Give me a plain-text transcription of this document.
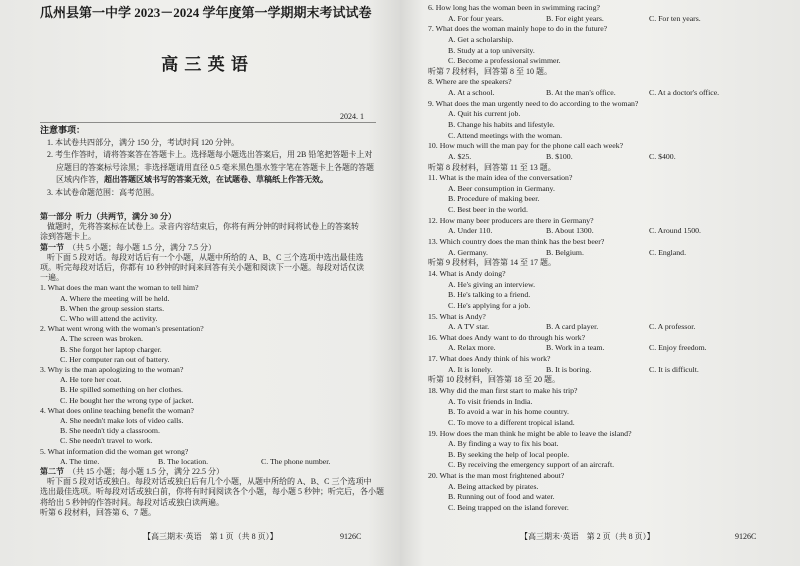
瓜州县第一中学 2023－2024 学年度第一学期期末考试试卷
高 三 英 语
2024. 1
注意事项：
1. 本试卷共四部分，满分 150 分，考试时间 120 分钟。
2. 考生作答时，请将答案答在答题卡上。选择题每小题选出答案后，用 2B 铅笔把答题卡上对
应题目的答案标号涂黑；非选择题请用直径 0.5 毫米黑色墨水签字笔在答题卡上各题的答题
区域内作答，超出答题区域书写的答案无效，在试题卷、草稿纸上作答无效。
3. 本试卷命题范围：高考范围。
第一部分 听力（共两节，满分 30 分）
做题时，先将答案标在试卷上。录音内容结束后，你将有两分钟的时间将试卷上的答案转
涂到答题卡上。
第一节 （共 5 小题；每小题 1.5 分，满分 7.5 分）
听下面 5 段对话。每段对话后有一个小题，从题中所给的 A、B、C 三个选项中选出最佳选
项。听完每段对话后，你都有 10 秒钟的时间来回答有关小题和阅读下一小题。每段对话仅读
一遍。
1. What does the man want the woman to tell him?
A. Where the meeting will be held.
B. When the group session starts.
C. Who will attend the activity.
2. What went wrong with the woman's presentation?
A. The screen was broken.
B. She forgot her laptop charger.
C. Her computer ran out of battery.
3. Why is the man apologizing to the woman?
A. He tore her coat.
B. He spilled something on her clothes.
C. He bought her the wrong type of jacket.
4. What does online teaching benefit the woman?
A. She needn't make lots of video calls.
B. She needn't tidy a classroom.
C. She needn't travel to work.
5. What information did the woman get wrong?
A. The time.	B. The location.	C. The phone number.
第二节 （共 15 小题；每小题 1.5 分，满分 22.5 分）
听下面 5 段对话或独白。每段对话或独白后有几个小题，从题中所给的 A、B、C 三个选项中
选出最佳选项。听每段对话或独白前，你将有时间阅读各个小题，每小题 5 秒钟；听完后，各小题
将给出 5 秒钟的作答时间。每段对话或独白读两遍。
听第 6 段材料，回答第 6、7 题。
【高三期末·英语　第 1 页（共 8 页）】	9126C
6. How long has the woman been in swimming racing?
A. For four years.	B. For eight years.	C. For ten years.
7. What does the woman mainly hope to do in the future?
A. Get a scholarship.
B. Study at a top university.
C. Become a professional swimmer.
听第 7 段材料，回答第 8 至 10 题。
8. Where are the speakers?
A. At a school.	B. At the man's office.	C. At a doctor's office.
9. What does the man urgently need to do according to the woman?
A. Quit his current job.
B. Change his habits and lifestyle.
C. Attend meetings with the woman.
10. How much will the man pay for the phone call each week?
A. $25.	B. $100.	C. $400.
听第 8 段材料，回答第 11 至 13 题。
11. What is the main idea of the conversation?
A. Beer consumption in Germany.
B. Procedure of making beer.
C. Best beer in the world.
12. How many beer producers are there in Germany?
A. Under 110.	B. About 1300.	C. Around 1500.
13. Which country does the man think has the best beer?
A. Germany.	B. Belgium.	C. England.
听第 9 段材料，回答第 14 至 17 题。
14. What is Andy doing?
A. He's giving an interview.
B. He's talking to a friend.
C. He's applying for a job.
15. What is Andy?
A. A TV star.	B. A card player.	C. A professor.
16. What does Andy want to do through his work?
A. Relax more.	B. Work in a team.	C. Enjoy freedom.
17. What does Andy think of his work?
A. It is lonely.	B. It is boring.	C. It is difficult.
听第 10 段材料，回答第 18 至 20 题。
18. Why did the man first start to make his trip?
A. To visit friends in India.
B. To avoid a war in his home country.
C. To move to a different tropical island.
19. How does the man think he might be able to leave the island?
A. By finding a way to fix his boat.
B. By seeking the help of local people.
C. By receiving the emergency support of an aircraft.
20. What is the man most frightened about?
A. Being attacked by pirates.
B. Running out of food and water.
C. Being trapped on the island forever.
【高三期末·英语　第 2 页（共 8 页）】	9126C
